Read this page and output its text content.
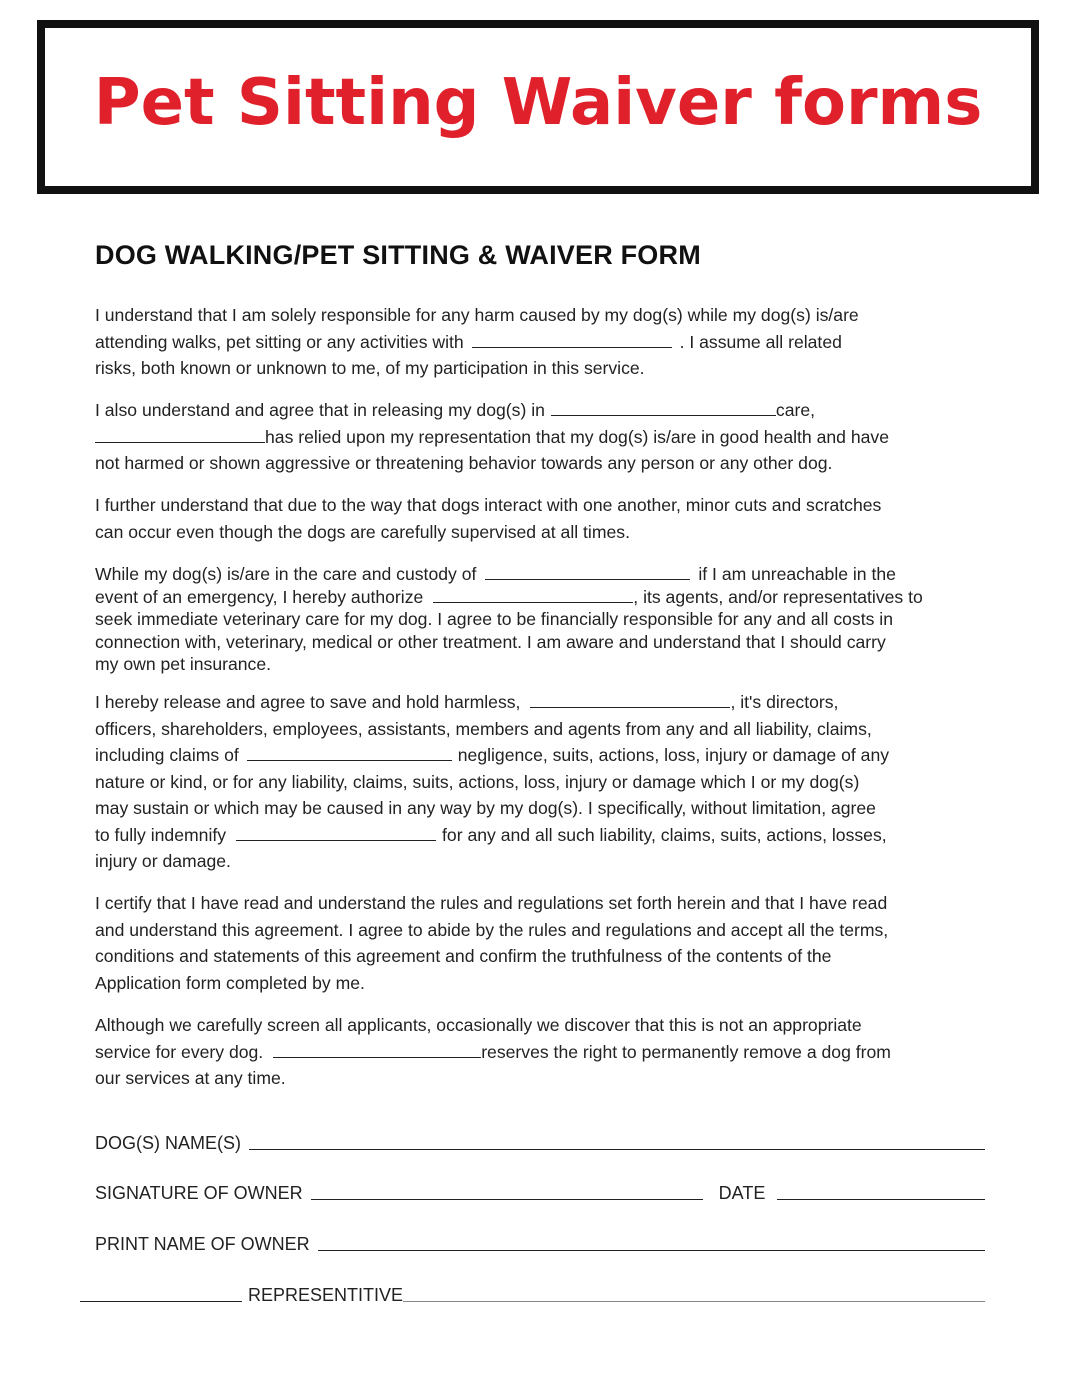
Pet Sitting Waiver forms
DOG WALKING/PET SITTING & WAIVER FORM
I understand that I am solely responsible for any harm caused by my dog(s) while my dog(s) is/are
attending walks, pet sitting or any activities with	. I assume all related
risks, both known or unknown to me, of my participation in this service.
I also understand and agree that in releasing my dog(s) in	care,
has relied upon my representation that my dog(s) is/are in good health and have
not harmed or shown aggressive or threatening behavior towards any person or any other dog.
I further understand that due to the way that dogs interact with one another, minor cuts and scratches
can occur even though the dogs are carefully supervised at all times.
While my dog(s) is/are in the care and custody of	if I am unreachable in the
event of an emergency, I hereby authorize	, its agents, and/or representatives to
seek immediate veterinary care for my dog. I agree to be financially responsible for any and all costs in
connection with, veterinary, medical or other treatment. I am aware and understand that I should carry
my own pet insurance.
I hereby release and agree to save and hold harmless,	, it's directors,
officers, shareholders, employees, assistants, members and agents from any and all liability, claims,
including claims of	negligence, suits, actions, loss, injury or damage of any
nature or kind, or for any liability, claims, suits, actions, loss, injury or damage which I or my dog(s)
may sustain or which may be caused in any way by my dog(s). I specifically, without limitation, agree
to fully indemnify	for any and all such liability, claims, suits, actions, losses,
injury or damage.
I certify that I have read and understand the rules and regulations set forth herein and that I have read
and understand this agreement. I agree to abide by the rules and regulations and accept all the terms,
conditions and statements of this agreement and confirm the truthfulness of the contents of the
Application form completed by me.
Although we carefully screen all applicants, occasionally we discover that this is not an appropriate
service for every dog.	reserves the right to permanently remove a dog from
our services at any time.
DOG(S) NAME(S)
SIGNATURE OF OWNER	DATE
PRINT NAME OF OWNER
REPRESENTITIVE
